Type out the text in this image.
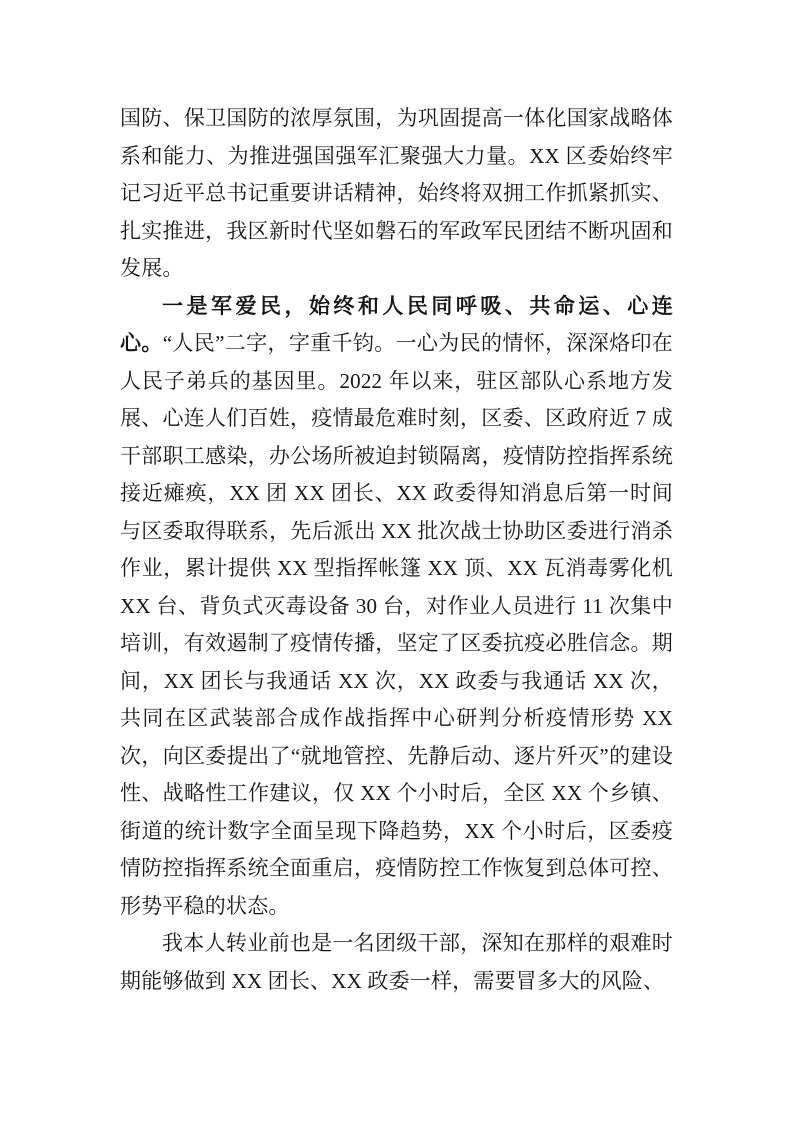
国防、保卫国防的浓厚氛围，为巩固提高一体化国家战略体系和能力、为推进强国强军汇聚强大力量。XX 区委始终牢记习近平总书记重要讲话精神，始终将双拥工作抓紧抓实、扎实推进，我区新时代坚如磐石的军政军民团结不断巩固和发展。

一是军爱民，始终和人民同呼吸、共命运、心连心。“人民”二字，字重千钧。一心为民的情怀，深深烙印在人民子弟兵的基因里。2022 年以来，驻区部队心系地方发展、心连人们百姓，疫情最危难时刻，区委、区政府近 7 成干部职工感染，办公场所被迫封锁隔离，疫情防控指挥系统接近瘫痪，XX 团 XX 团长、XX 政委得知消息后第一时间与区委取得联系，先后派出 XX 批次战士协助区委进行消杀作业，累计提供 XX 型指挥帐篷 XX 顶、XX 瓦消毒雾化机 XX 台、背负式灭毒设备 30 台，对作业人员进行 11 次集中培训，有效遏制了疫情传播，坚定了区委抗疫必胜信念。期间，XX 团长与我通话 XX 次，XX 政委与我通话 XX 次，共同在区武装部合成作战指挥中心研判分析疫情形势 XX 次，向区委提出了“就地管控、先静后动、逐片歼灭”的建设性、战略性工作建议，仅 XX 个小时后，全区 XX 个乡镇、街道的统计数字全面呈现下降趋势，XX 个小时后，区委疫情防控指挥系统全面重启，疫情防控工作恢复到总体可控、形势平稳的状态。

我本人转业前也是一名团级干部，深知在那样的艰难时期能够做到 XX 团长、XX 政委一样，需要冒多大的风险、
